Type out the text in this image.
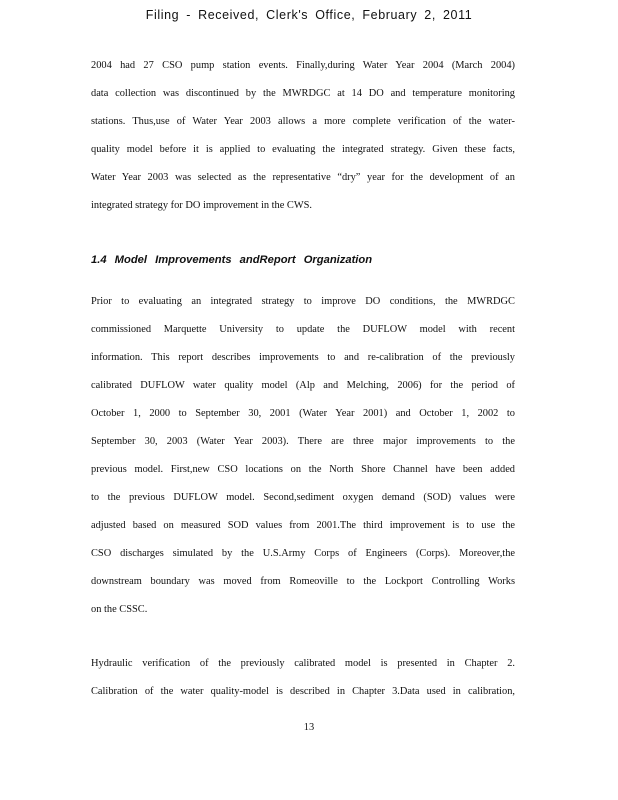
Filing - Received, Clerk's Office, February 2, 2011
2004 had 27 CSO pump station events. Finally,during Water Year 2004 (March 2004)
data collection was discontinued by the MWRDGC at 14 DO and temperature monitoring
stations. Thus,use of Water Year 2003 allows a more complete verification of the water-
quality model before it is applied to evaluating the integrated strategy. Given these facts,
Water Year 2003 was selected as the representative “dry” year for the development of an
integrated strategy for DO improvement in the CWS.
1.4 Model Improvements andReport Organization
Prior to evaluating an integrated strategy to improve DO conditions, the MWRDGC
commissioned Marquette University to update the DUFLOW model with recent
information. This report describes improvements to and re-calibration of the previously
calibrated DUFLOW water quality model (Alp and Melching, 2006) for the period of
October 1, 2000 to September 30, 2001 (Water Year 2001) and October 1, 2002 to
September 30, 2003 (Water Year 2003). There are three major improvements to the
previous model. First,new CSO locations on the North Shore Channel have been added
to the previous DUFLOW model. Second,sediment oxygen demand (SOD) values were
adjusted based on measured SOD values from 2001.The third improvement is to use the
CSO discharges simulated by the U.S.Army Corps of Engineers (Corps). Moreover,the
downstream boundary was moved from Romeoville to the Lockport Controlling Works
on the CSSC.
Hydraulic verification of the previously calibrated model is presented in Chapter 2.
Calibration of the water quality-model is described in Chapter 3.Data used in calibration,
13
